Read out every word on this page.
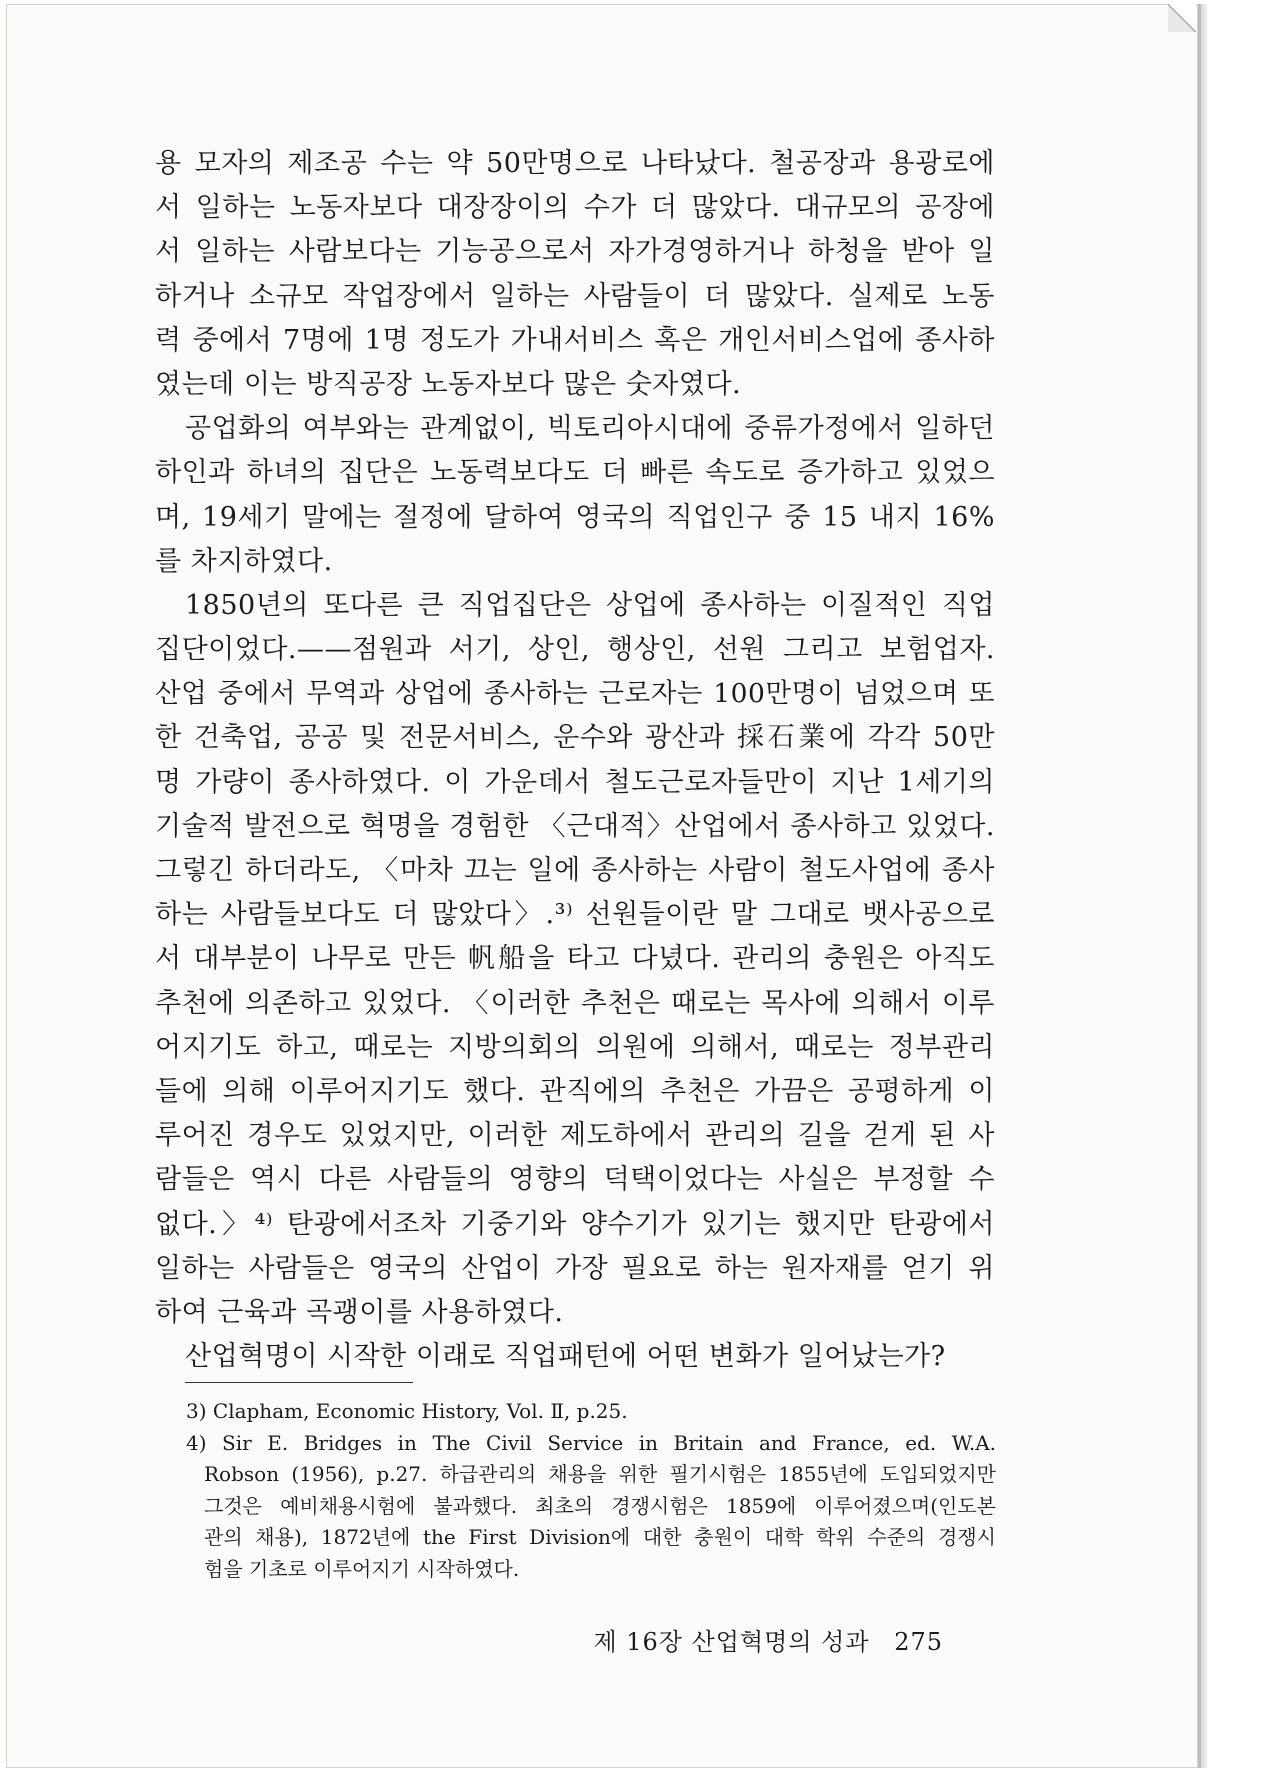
용 모자의 제조공 수는 약 50만명으로 나타났다. 철공장과 용광로에
서 일하는 노동자보다 대장장이의 수가 더 많았다. 대규모의 공장에
서 일하는 사람보다는 기능공으로서 자가경영하거나 하청을 받아 일
하거나 소규모 작업장에서 일하는 사람들이 더 많았다. 실제로 노동
력 중에서 7명에 1명 정도가 가내서비스 혹은 개인서비스업에 종사하
였는데 이는 방직공장 노동자보다 많은 숫자였다.
공업화의 여부와는 관계없이, 빅토리아시대에 중류가정에서 일하던
하인과 하녀의 집단은 노동력보다도 더 빠른 속도로 증가하고 있었으
며, 19세기 말에는 절정에 달하여 영국의 직업인구 중 15 내지 16%
를 차지하였다.
1850년의 또다른 큰 직업집단은 상업에 종사하는 이질적인 직업
집단이었다.——점원과 서기, 상인, 행상인, 선원 그리고 보험업자.
산업 중에서 무역과 상업에 종사하는 근로자는 100만명이 넘었으며 또
한 건축업, 공공 및 전문서비스, 운수와 광산과 採石業에 각각 50만
명 가량이 종사하였다. 이 가운데서 철도근로자들만이 지난 1세기의
기술적 발전으로 혁명을 경험한 〈근대적〉산업에서 종사하고 있었다.
그렇긴 하더라도, 〈마차 끄는 일에 종사하는 사람이 철도사업에 종사
하는 사람들보다도 더 많았다〉.³⁾ 선원들이란 말 그대로 뱃사공으로
서 대부분이 나무로 만든 帆船을 타고 다녔다. 관리의 충원은 아직도
추천에 의존하고 있었다. 〈이러한 추천은 때로는 목사에 의해서 이루
어지기도 하고, 때로는 지방의회의 의원에 의해서, 때로는 정부관리
들에 의해 이루어지기도 했다. 관직에의 추천은 가끔은 공평하게 이
루어진 경우도 있었지만, 이러한 제도하에서 관리의 길을 걷게 된 사
람들은 역시 다른 사람들의 영향의 덕택이었다는 사실은 부정할 수
없다.〉⁴⁾ 탄광에서조차 기중기와 양수기가 있기는 했지만 탄광에서
일하는 사람들은 영국의 산업이 가장 필요로 하는 원자재를 얻기 위
하여 근육과 곡괭이를 사용하였다.
산업혁명이 시작한 이래로 직업패턴에 어떤 변화가 일어났는가?
3) Clapham, Economic History, Vol. Ⅱ, p.25.
4) Sir E. Bridges in The Civil Service in Britain and France, ed. W.A.
Robson (1956), p.27. 하급관리의 채용을 위한 필기시험은 1855년에 도입되었지만
그것은 예비채용시험에 불과했다. 최초의 경쟁시험은 1859에 이루어졌으며(인도본
관의 채용), 1872년에 the First Division에 대한 충원이 대학 학위 수준의 경쟁시
험을 기초로 이루어지기 시작하였다.
제 16장 산업혁명의 성과 275
